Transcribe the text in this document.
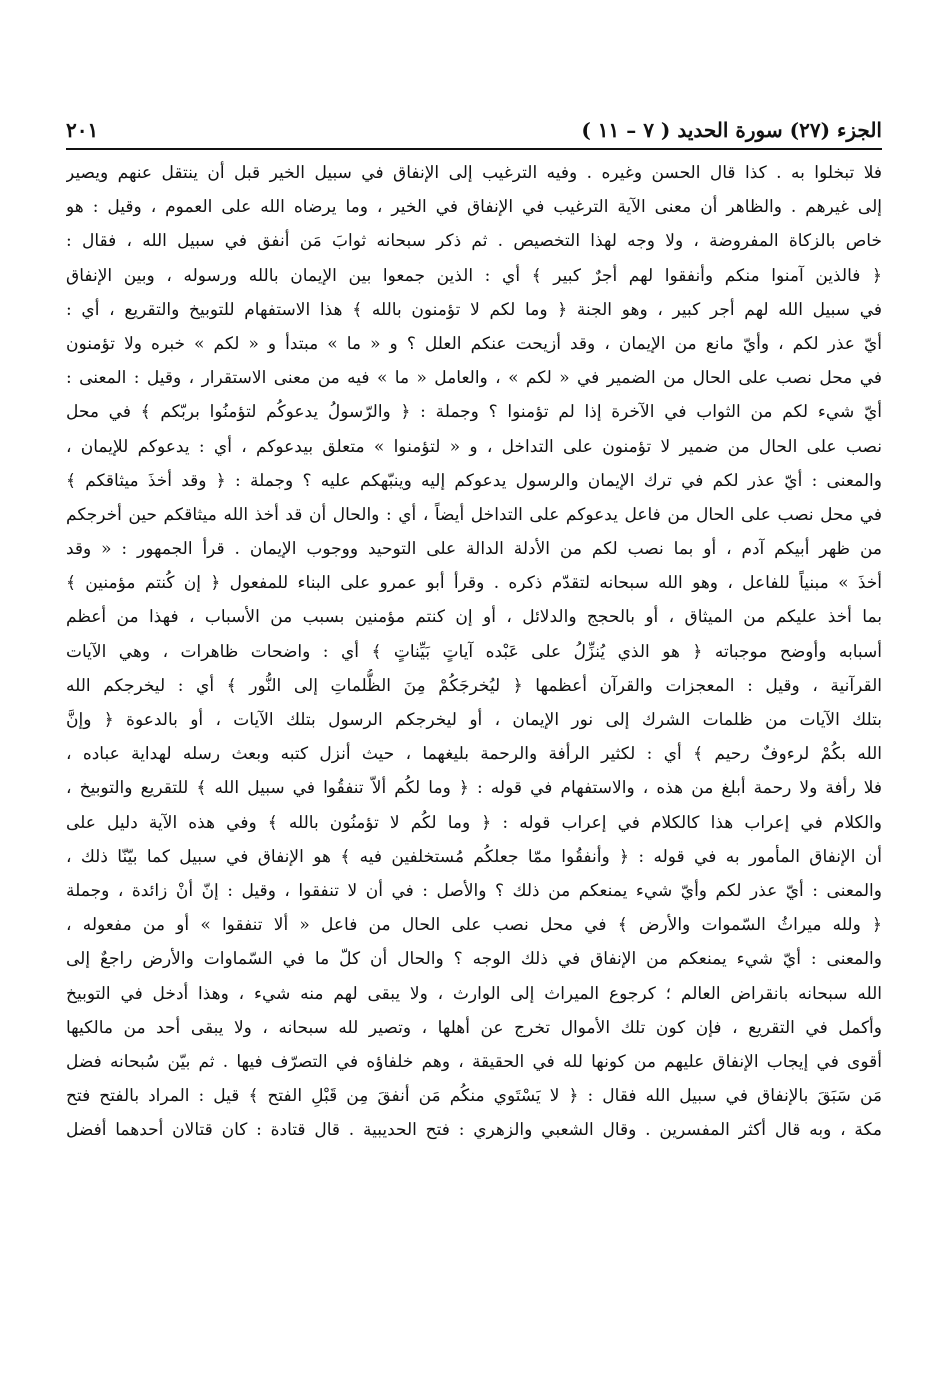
الجزء (٢٧) سورة الحديد ( ٧ – ١١ )
٢٠١
فلا تبخلوا به . كذا قال الحسن وغيره . وفيه الترغيب إلى الإنفاق في سبيل الخير قبل أن ينتقل عنهم ويصير
إلى غيرهم . والظاهر أن معنى الآية الترغيب في الإنفاق في الخير ، وما يرضاه الله على العموم ، وقيل : هو
خاص بالزكاة المفروضة ، ولا وجه لهذا التخصيص . ثم ذكر سبحانه ثوابَ مَن أنفق في سبيل الله ، فقال :
﴿ فالذين آمنوا منكم وأنفقوا لهم أجرٌ كبير ﴾ أي : الذين جمعوا بين الإيمان بالله ورسوله ، وبين الإنفاق
في سبيل الله لهم أجر كبير ، وهو الجنة ﴿ وما لكم لا تؤمنون بالله ﴾ هذا الاستفهام للتوبيخ والتقريع ، أي :
أيّ عذر لكم ، وأيّ مانع من الإيمان ، وقد أزيحت عنكم العلل ؟ و « ما » مبتدأ و « لكم » خبره ولا تؤمنون
في محل نصب على الحال من الضمير في « لكم » ، والعامل « ما » فيه من معنى الاستقرار ، وقيل : المعنى :
أيّ شيء لكم من الثواب في الآخرة إذا لم تؤمنوا ؟ وجملة : ﴿ والرّسولُ يدعوكُم لتؤمنُوا بربّكم ﴾ في محل
نصب على الحال من ضمير لا تؤمنون على التداخل ، و « لتؤمنوا » متعلق بيدعوكم ، أي : يدعوكم للإيمان ،
والمعنى : أيّ عذر لكم في ترك الإيمان والرسول يدعوكم إليه وينبّهكم عليه ؟ وجملة : ﴿ وقد أخذَ ميثاقكم ﴾
في محل نصب على الحال من فاعل يدعوكم على التداخل أيضاً ، أي : والحال أن قد أخذ الله ميثاقكم حين أخرجكم
من ظهر أبيكم آدم ، أو بما نصب لكم من الأدلة الدالة على التوحيد ووجوب الإيمان . قرأ الجمهور : « وقد
أخذَ » مبنياً للفاعل ، وهو الله سبحانه لتقدّم ذكره . وقرأ أبو عمرو على البناء للمفعول ﴿ إن كُنتم مؤمنين ﴾
بما أخذ عليكم من الميثاق ، أو بالحجج والدلائل ، أو إن كنتم مؤمنين بسبب من الأسباب ، فهذا من أعظم
أسبابه وأوضح موجباته ﴿ هو الذي يُنزِّلُ على عَبْده آياتٍ بَيِّناتٍ ﴾ أي : واضحات ظاهرات ، وهي الآيات
القرآنية ، وقيل : المعجزات والقرآن أعظمها ﴿ ليُخرجَكُمْ مِنَ الظُّلماتِ إلى النُّور ﴾ أي : ليخرجكم الله
بتلك الآيات من ظلمات الشرك إلى نور الإيمان ، أو ليخرجكم الرسول بتلك الآيات ، أو بالدعوة ﴿ وإنَّ
الله بكُمْ لرءوفٌ رحيم ﴾ أي : لكثير الرأفة والرحمة بليغهما ، حيث أنزل كتبه وبعث رسله لهداية عباده ،
فلا رأفة ولا رحمة أبلغ من هذه ، والاستفهام في قوله : ﴿ وما لكُم ألاّ تنفقُوا في سبيل الله ﴾ للتقريع والتوبيخ ،
والكلام في إعراب هذا كالكلام في إعراب قوله : ﴿ وما لكُم لا تؤمنُون بالله ﴾ وفي هذه الآية دليل على
أن الإنفاق المأمور به في قوله : ﴿ وأنفقُوا ممّا جعلكُم مُستخلفين فيه ﴾ هو الإنفاق في سبيل كما بيّنّا ذلك ،
والمعنى : أيّ عذر لكم وأيّ شيء يمنعكم من ذلك ؟ والأصل : في أن لا تنفقوا ، وقيل : إنّ أنْ زائدة ، وجملة
﴿ ولله ميراثُ السّموات والأرض ﴾ في محل نصب على الحال من فاعل « ألا تنفقوا » أو من مفعوله ،
والمعنى : أيّ شيء يمنعكم من الإنفاق في ذلك الوجه ؟ والحال أن كلّ ما في السّماوات والأرض راجعٌ إلى
الله سبحانه بانقراض العالم ؛ كرجوع الميراث إلى الوارث ، ولا يبقى لهم منه شيء ، وهذا أدخل في التوبيخ
وأكمل في التقريع ، فإن كون تلك الأموال تخرج عن أهلها ، وتصير لله سبحانه ، ولا يبقى أحد من مالكيها
أقوى في إيجاب الإنفاق عليهم من كونها لله في الحقيقة ، وهم خلفاؤه في التصرّف فيها . ثم بيّن سُبحانه فضل
مَن سَبَقَ بالإنفاق في سبيل الله فقال : ﴿ لا يَسْتَوي منكُم مَن أنفقَ مِن قَبْلِ الفتح ﴾ قيل : المراد بالفتح فتح
مكة ، وبه قال أكثر المفسرين . وقال الشعبي والزهري : فتح الحديبية . قال قتادة : كان قتالان أحدهما أفضل
